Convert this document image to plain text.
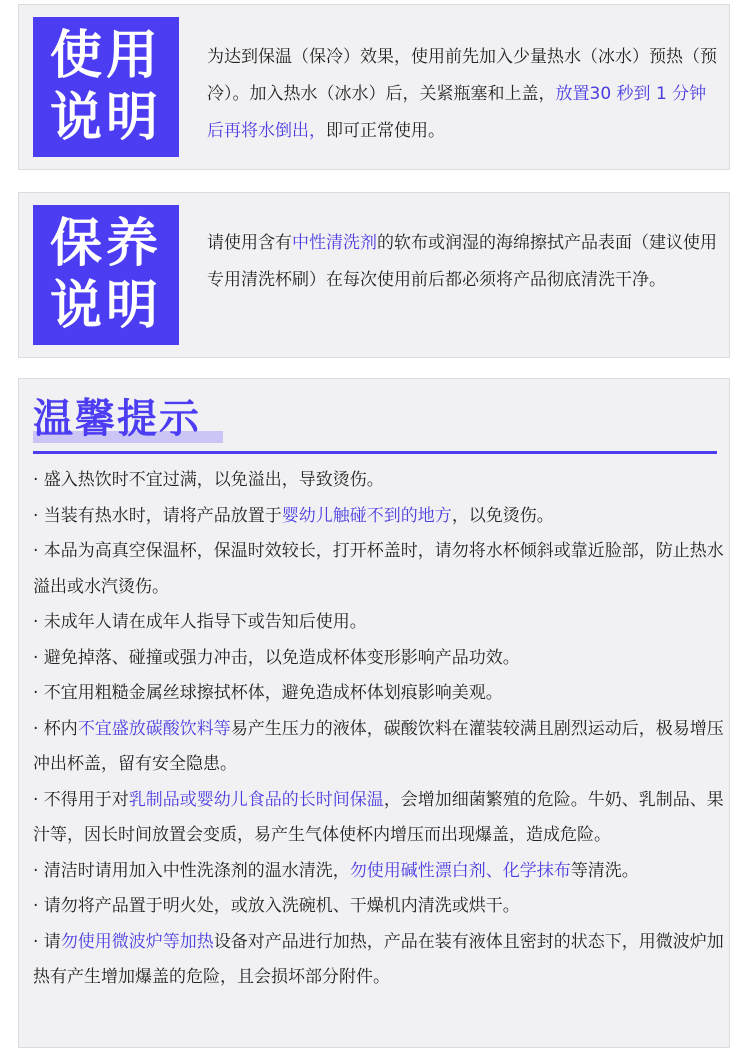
使用
说明
为达到保温（保冷）效果，使用前先加入少量热水（冰水）预热（预冷）。加入热水（冰水）后，关紧瓶塞和上盖，放置30 秒到 1 分钟后再将水倒出，即可正常使用。
保养
说明
请使用含有中性清洗剂的软布或润湿的海绵擦拭产品表面（建议使用专用清洗杯刷）在每次使用前后都必须将产品彻底清洗干净。
温馨提示
· 盛入热饮时不宜过满，以免溢出，导致烫伤。
· 当装有热水时，请将产品放置于婴幼儿触碰不到的地方，以免烫伤。
· 本品为高真空保温杯，保温时效较长，打开杯盖时，请勿将水杯倾斜或靠近脸部，防止热水溢出或水汽烫伤。
· 未成年人请在成年人指导下或告知后使用。
· 避免掉落、碰撞或强力冲击，以免造成杯体变形影响产品功效。
· 不宜用粗糙金属丝球擦拭杯体，避免造成杯体划痕影响美观。
· 杯内不宜盛放碳酸饮料等易产生压力的液体，碳酸饮料在灌装较满且剧烈运动后，极易增压冲出杯盖，留有安全隐患。
· 不得用于对乳制品或婴幼儿食品的长时间保温，会增加细菌繁殖的危险。牛奶、乳制品、果汁等，因长时间放置会变质，易产生气体使杯内增压而出现爆盖，造成危险。
· 清洁时请用加入中性洗涤剂的温水清洗，勿使用碱性漂白剂、化学抹布等清洗。
· 请勿将产品置于明火处，或放入洗碗机、干燥机内清洗或烘干。
· 请勿使用微波炉等加热设备对产品进行加热，产品在装有液体且密封的状态下，用微波炉加热有产生增加爆盖的危险，且会损坏部分附件。
